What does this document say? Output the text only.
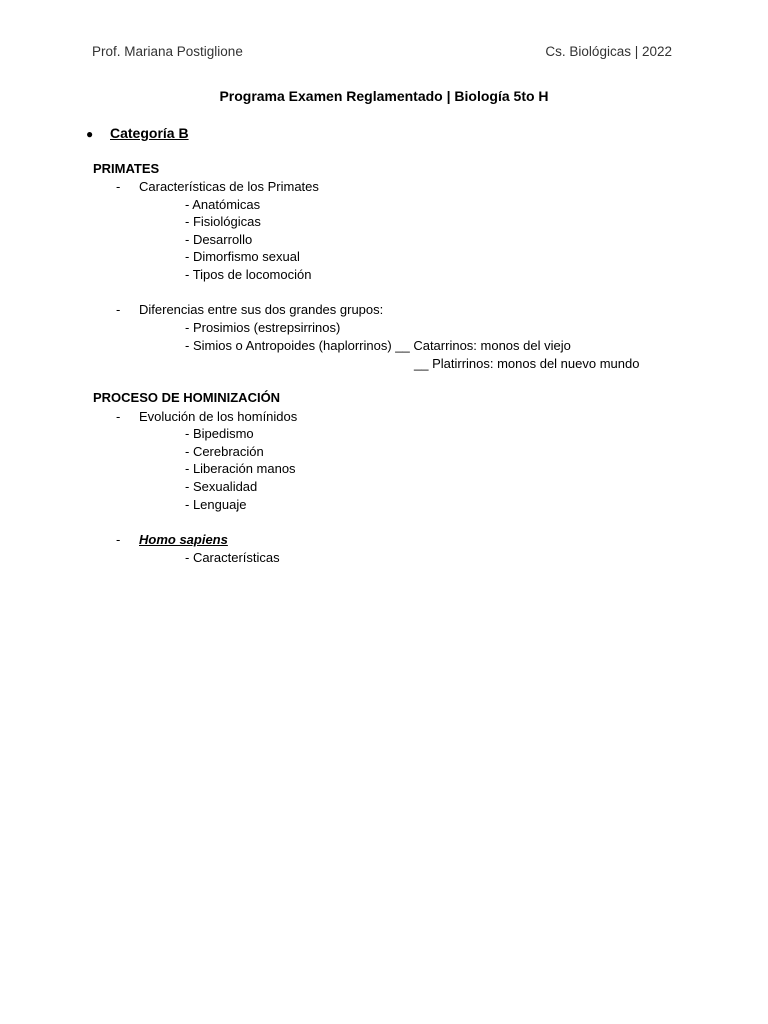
Prof. Mariana Postiglione	Cs. Biológicas | 2022
Programa Examen Reglamentado | Biología 5to H
● Categoría B
PRIMATES
- Características de los Primates
- Anatómicas
- Fisiológicas
- Desarrollo
- Dimorfismo sexual
- Tipos de locomoción
- Diferencias entre sus dos grandes grupos:
- Prosimios (estrepsirrinos)
- Simios o Antropoides (haplorrinos) __ Catarrinos: monos del viejo
__ Platirrinos: monos del nuevo mundo
PROCESO DE HOMINIZACIÓN
- Evolución de los homínidos
- Bipedismo
- Cerebración
- Liberación manos
- Sexualidad
- Lenguaje
- Homo sapiens
- Características
